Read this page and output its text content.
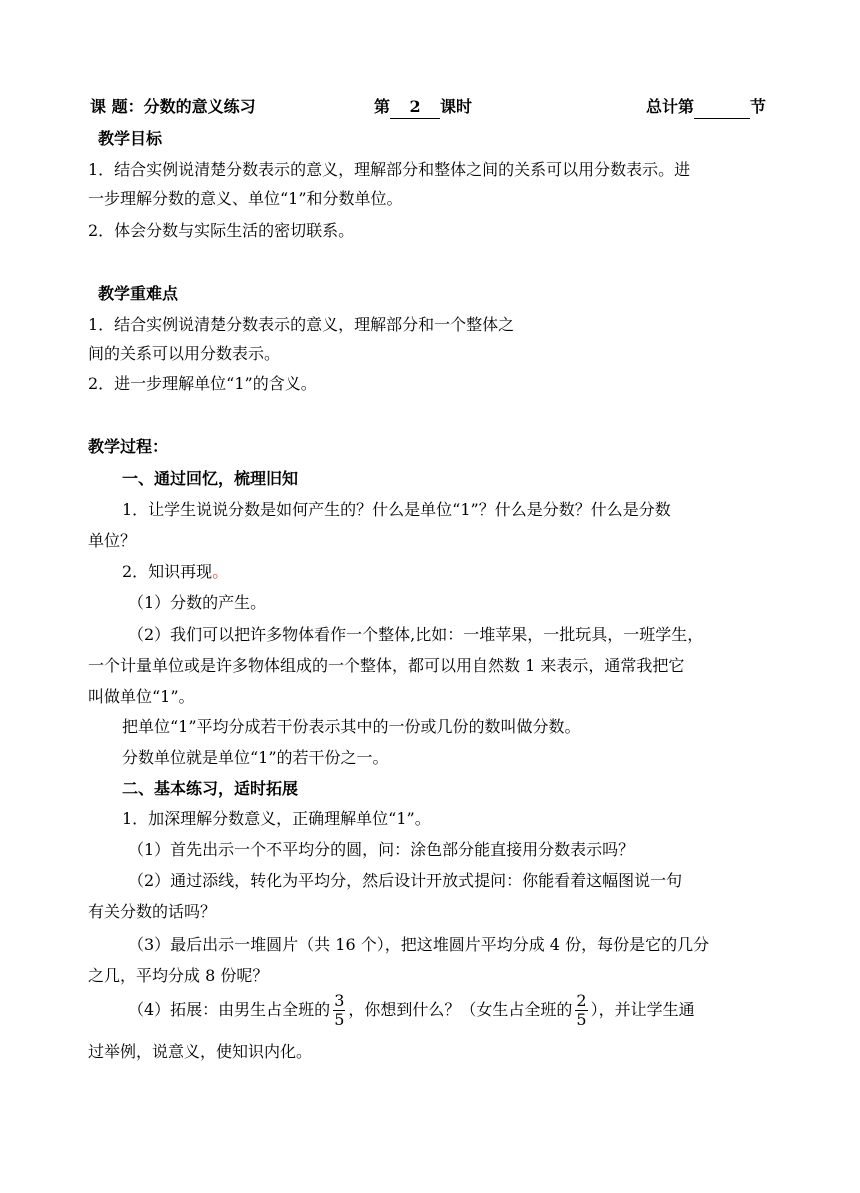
课 题：分数的意义练习	第 2 课时	总计第	节
教学目标
1．结合实例说清楚分数表示的意义，理解部分和整体之间的关系可以用分数表示。进
一步理解分数的意义、单位“1”和分数单位。
2．体会分数与实际生活的密切联系。
教学重难点
1．结合实例说清楚分数表示的意义，理解部分和一个整体之
间的关系可以用分数表示。
2．进一步理解单位“1”的含义。
教学过程：
一、通过回忆，梳理旧知
1．让学生说说分数是如何产生的？什么是单位“1”？什么是分数？什么是分数
单位？
2．知识再现。
（1）分数的产生。
（2）我们可以把许多物体看作一个整体,比如：一堆苹果，一批玩具，一班学生，
一个计量单位或是许多物体组成的一个整体，都可以用自然数 1 来表示，通常我把它
叫做单位“1”。
把单位“1”平均分成若干份表示其中的一份或几份的数叫做分数。
分数单位就是单位“1”的若干份之一。
二、基本练习，适时拓展
1．加深理解分数意义，正确理解单位“1”。
（1）首先出示一个不平均分的圆，问：涂色部分能直接用分数表示吗？
（2）通过添线，转化为平均分，然后设计开放式提问：你能看着这幅图说一句
有关分数的话吗？
（3）最后出示一堆圆片（共 16 个），把这堆圆片平均分成 4 份，每份是它的几分
之几，平均分成 8 份呢？
（4）拓展：由男生占全班的 $\frac{3}{5}$ ，你想到什么？（女生占全班的 $\frac{2}{5}$ ），并让学生通
过举例，说意义，使知识内化。
